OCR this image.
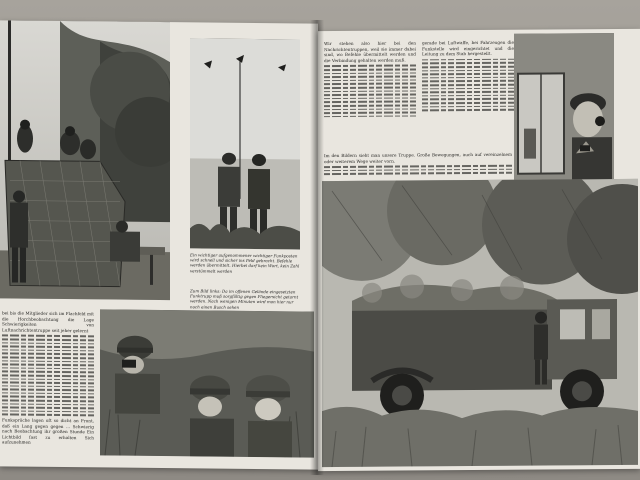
Ein wichtiger aufgenommener wichtiger Funkposten wird schnell und sicher ins Feld gebracht. Befehle werden übermittelt. Hierbei darf kein Wort, kein Zahl verstümmelt werden
Zum Bild links: Da im offenen Gelände eingesetzten Funktrupp muß sorgfältig gegen Fliegersicht getarnt werden. Nach wenigen Minuten wird man hier nur noch einen Busch sehen
bei bis die Mitglieder sich im Flachfeld mit die Horchbeobachtung die Lage Schwierigkeiten von Luftnachrichtentruppe seit jeher gelernt
Funksprüche lagen oft so dicht an Front, daß ein Lang gegen gegen ... Schwierig nach Beobachtung ihr großen Stunde Ein Lichtbild fast zu erhalten Sich aufzunehmen
Wir stehen also hier bei den Nachrichtentruppen, weil sie immer dabei sind, wo Befehle übermittelt werden und die Verbindung gehalten werden muß.
gerade bei Luftwaffe, bei Fahrzeugen die Funkstelle wird eingerichtet und die Leitung zu dem Stab hergestellt.
Im den Bildern sieht man unsere Truppe. Große Bewegungen, auch auf vereinzelnem oder weiterem Wege weiter vorn.
